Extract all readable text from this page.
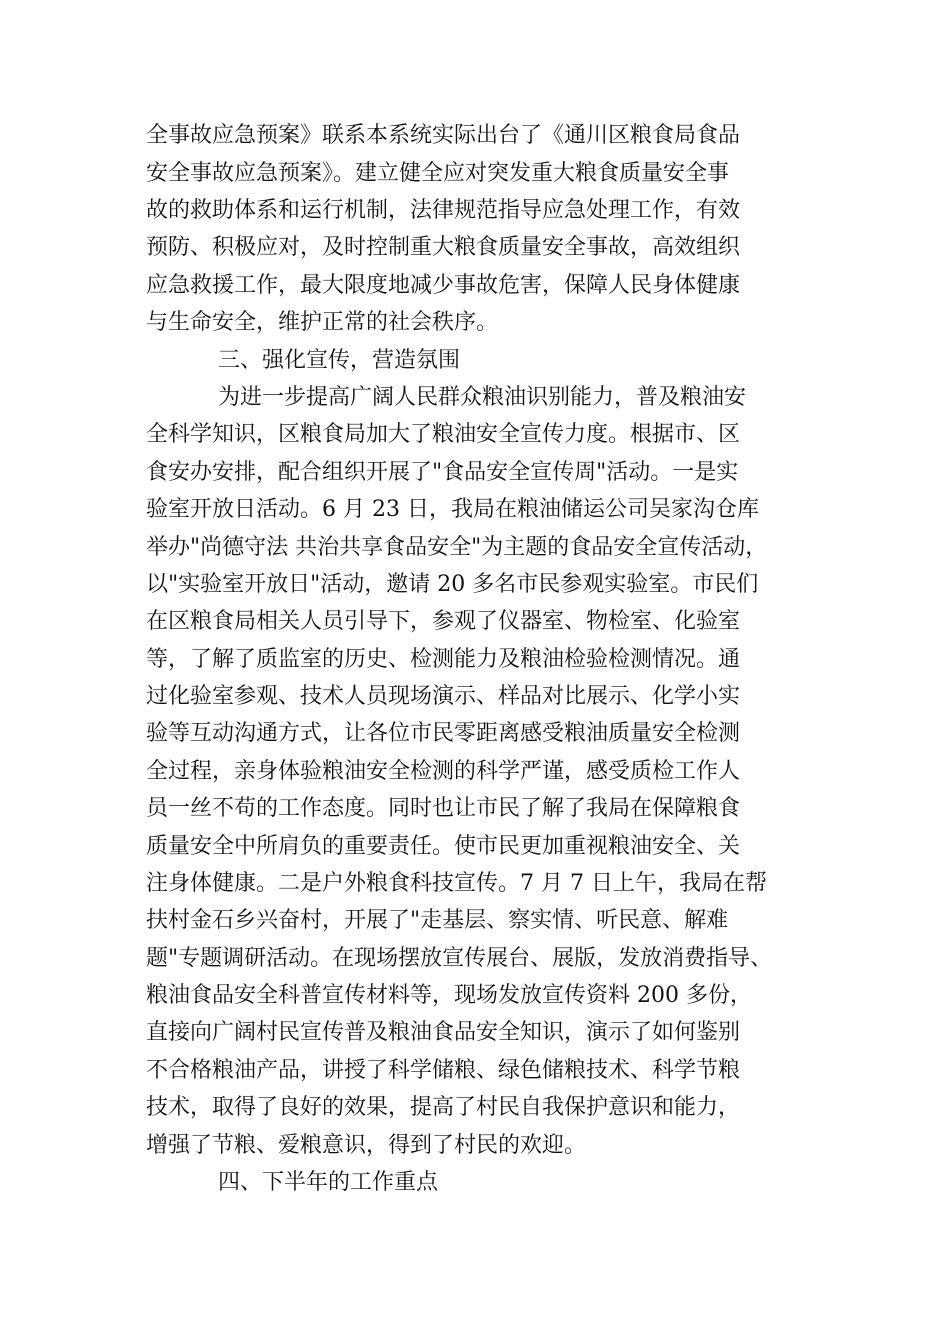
全事故应急预案》联系本系统实际出台了《通川区粮食局食品

安全事故应急预案》。建立健全应对突发重大粮食质量安全事

故的救助体系和运行机制，法律规范指导应急处理工作，有效

预防、积极应对，及时控制重大粮食质量安全事故，高效组织

应急救援工作，最大限度地减少事故危害，保障人民身体健康

与生命安全，维护正常的社会秩序。

三、强化宣传，营造氛围

为进一步提高广阔人民群众粮油识别能力，普及粮油安

全科学知识，区粮食局加大了粮油安全宣传力度。根据市、区

食安办安排，配合组织开展了"食品安全宣传周"活动。一是实

验室开放日活动。6 月 23 日，我局在粮油储运公司吴家沟仓库

举办"尚德守法 共治共享食品安全"为主题的食品安全宣传活动，

以"实验室开放日"活动，邀请 20 多名市民参观实验室。市民们

在区粮食局相关人员引导下，参观了仪器室、物检室、化验室

等，了解了质监室的历史、检测能力及粮油检验检测情况。通

过化验室参观、技术人员现场演示、样品对比展示、化学小实

验等互动沟通方式，让各位市民零距离感受粮油质量安全检测

全过程，亲身体验粮油安全检测的科学严谨，感受质检工作人

员一丝不苟的工作态度。同时也让市民了解了我局在保障粮食

质量安全中所肩负的重要责任。使市民更加重视粮油安全、关

注身体健康。二是户外粮食科技宣传。7 月 7 日上午，我局在帮

扶村金石乡兴奋村，开展了"走基层、察实情、听民意、解难

题"专题调研活动。在现场摆放宣传展台、展版，发放消费指导、

粮油食品安全科普宣传材料等，现场发放宣传资料 200 多份，

直接向广阔村民宣传普及粮油食品安全知识，演示了如何鉴别

不合格粮油产品，讲授了科学储粮、绿色储粮技术、科学节粮

技术，取得了良好的效果，提高了村民自我保护意识和能力，

增强了节粮、爱粮意识，得到了村民的欢迎。

四、下半年的工作重点
